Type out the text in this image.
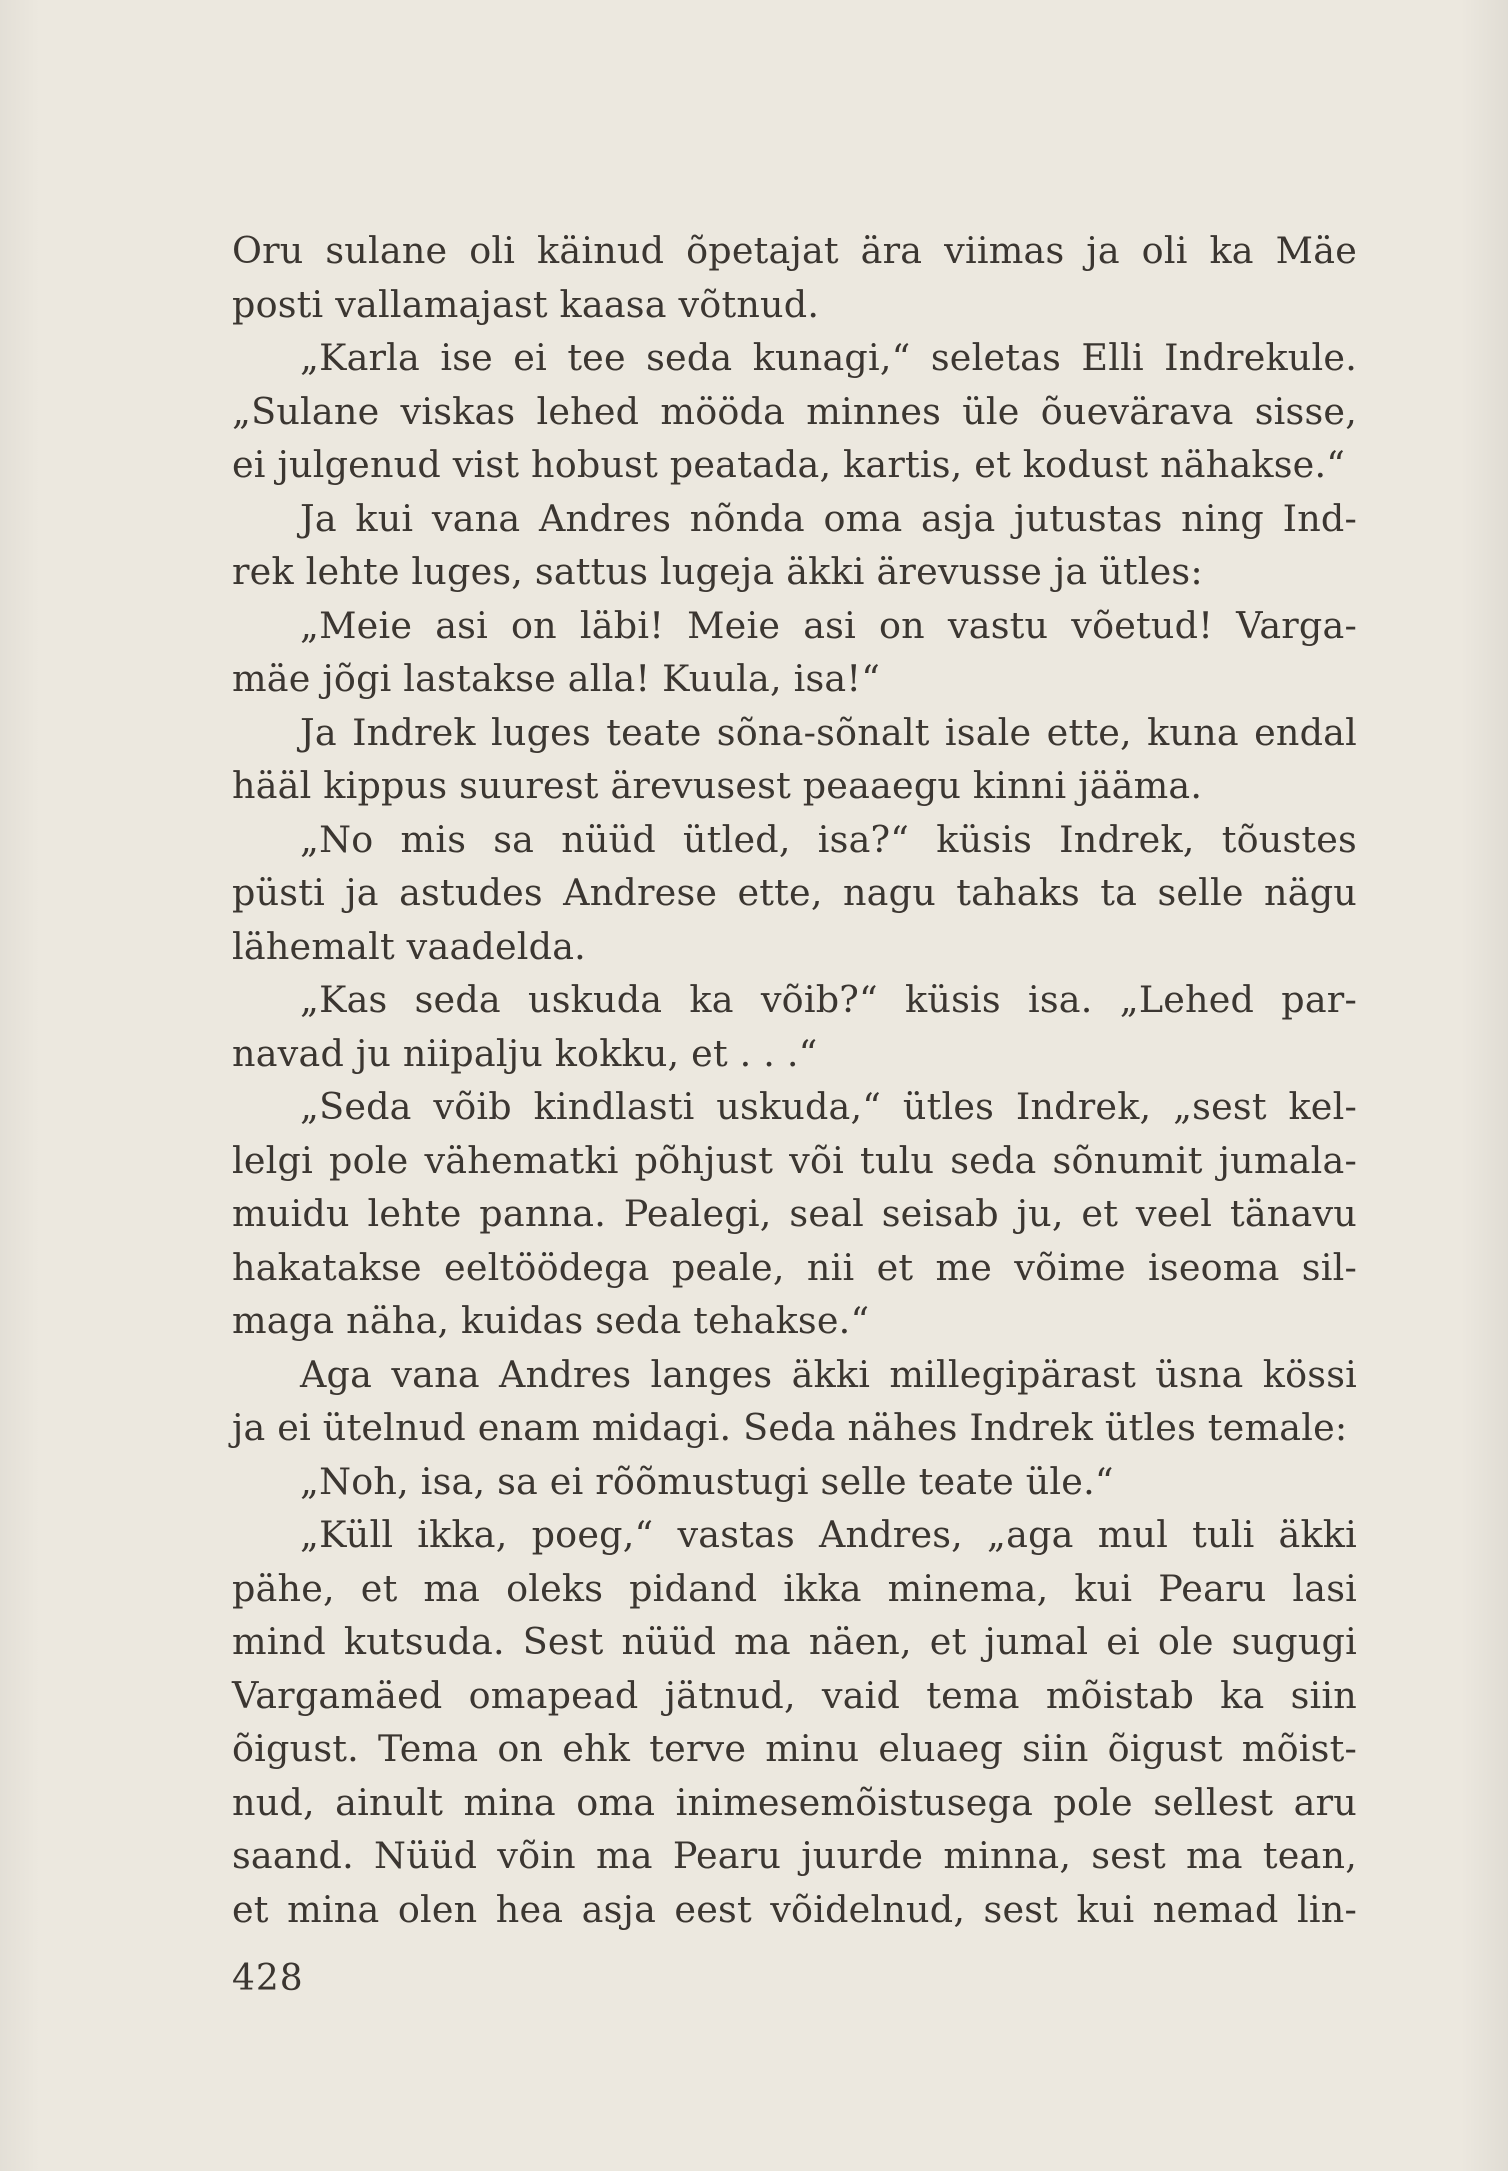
Oru sulane oli käinud õpetajat ära viimas ja oli ka Mäe
posti vallamajast kaasa võtnud.
„Karla ise ei tee seda kunagi,“ seletas Elli Indrekule.
„Sulane viskas lehed mööda minnes üle õuevärava sisse,
ei julgenud vist hobust peatada, kartis, et kodust nähakse.“
Ja kui vana Andres nõnda oma asja jutustas ning Ind-
rek lehte luges, sattus lugeja äkki ärevusse ja ütles:
„Meie asi on läbi! Meie asi on vastu võetud! Varga-
mäe jõgi lastakse alla! Kuula, isa!“
Ja Indrek luges teate sõna-sõnalt isale ette, kuna endal
hääl kippus suurest ärevusest peaaegu kinni jääma.
„No mis sa nüüd ütled, isa?“ küsis Indrek, tõustes
püsti ja astudes Andrese ette, nagu tahaks ta selle nägu
lähemalt vaadelda.
„Kas seda uskuda ka võib?“ küsis isa. „Lehed par-
navad ju niipalju kokku, et . . .“
„Seda võib kindlasti uskuda,“ ütles Indrek, „sest kel-
lelgi pole vähematki põhjust või tulu seda sõnumit jumala-
muidu lehte panna. Pealegi, seal seisab ju, et veel tänavu
hakatakse eeltöödega peale, nii et me võime iseoma sil-
maga näha, kuidas seda tehakse.“
Aga vana Andres langes äkki millegipärast üsna kössi
ja ei ütelnud enam midagi. Seda nähes Indrek ütles temale:
„Noh, isa, sa ei rõõmustugi selle teate üle.“
„Küll ikka, poeg,“ vastas Andres, „aga mul tuli äkki
pähe, et ma oleks pidand ikka minema, kui Pearu lasi
mind kutsuda. Sest nüüd ma näen, et jumal ei ole sugugi
Vargamäed omapead jätnud, vaid tema mõistab ka siin
õigust. Tema on ehk terve minu eluaeg siin õigust mõist-
nud, ainult mina oma inimesemõistusega pole sellest aru
saand. Nüüd võin ma Pearu juurde minna, sest ma tean,
et mina olen hea asja eest võidelnud, sest kui nemad lin-
428
